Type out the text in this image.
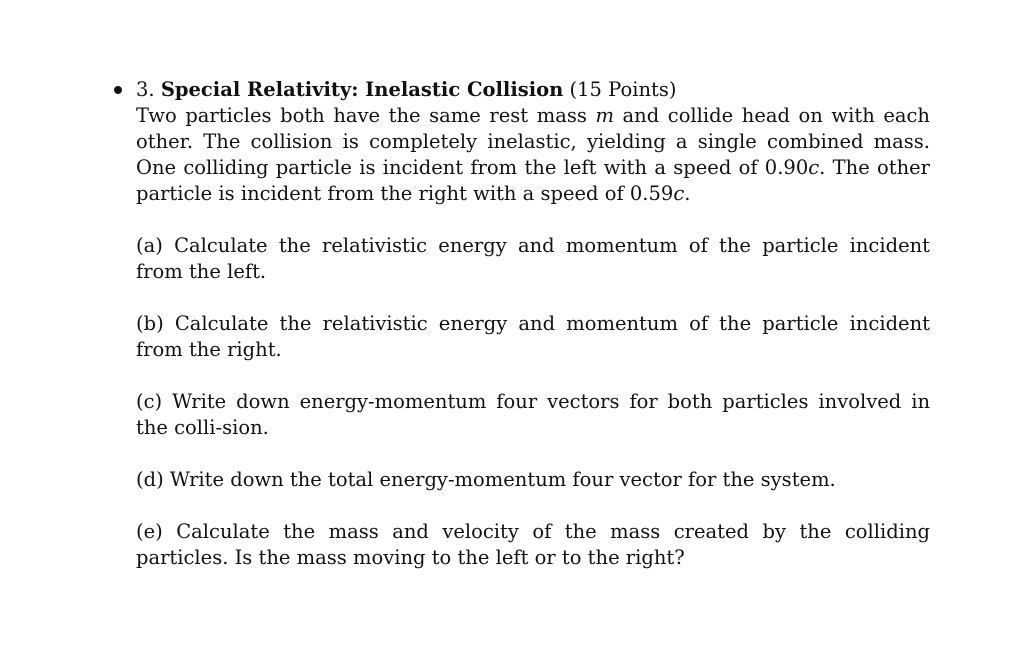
3. Special Relativity: Inelastic Collision (15 Points)

Two particles both have the same rest mass m and collide head on with each other. The collision is completely inelastic, yielding a single combined mass. One colliding particle is incident from the left with a speed of 0.90c. The other particle is incident from the right with a speed of 0.59c.

(a) Calculate the relativistic energy and momentum of the particle incident from the left.
(b) Calculate the relativistic energy and momentum of the particle incident from the right.
(c) Write down energy-momentum four vectors for both particles involved in the colli-sion.
(d) Write down the total energy-momentum four vector for the system.
(e) Calculate the mass and velocity of the mass created by the colliding particles. Is the mass moving to the left or to the right?
